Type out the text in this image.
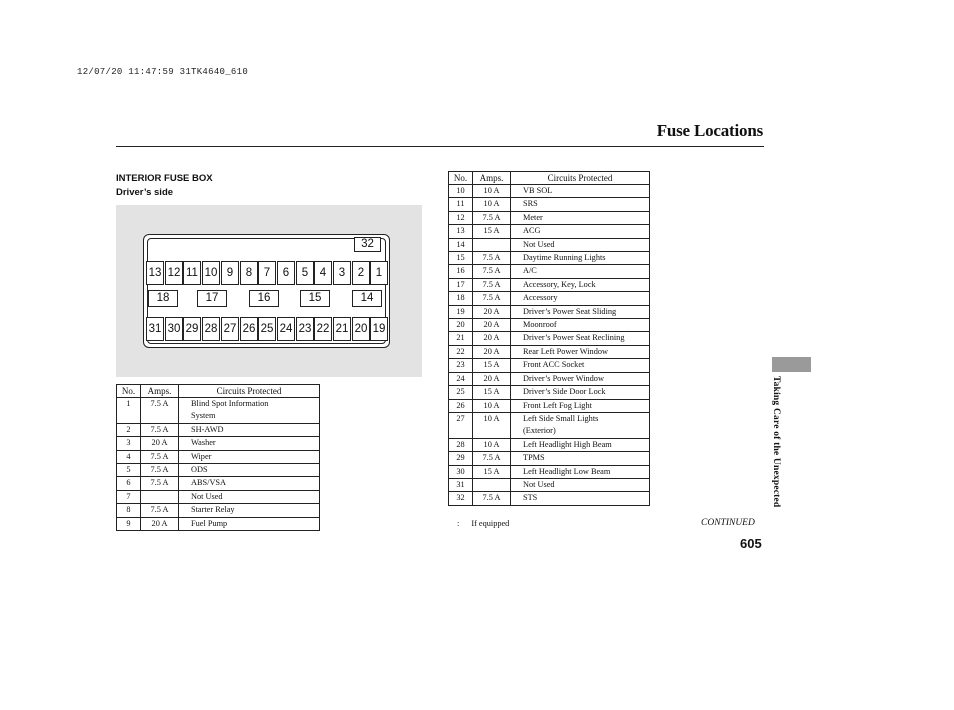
12/07/20 11:47:59 31TK4640_610
Fuse Locations
INTERIOR FUSE BOX
Driver’s side
32
13 12 11 10 9	8	7	6	5	4	3	2	1
31 30 29 28 27 26 25 24 23 22 21 20 19
18	17	16	15	14
No.	Amps.	Circuits Protected
1	7.5 A	Blind Spot Information
System
2	7.5 A	SH-AWD
3	20 A	Washer
4	7.5 A	Wiper
5	7.5 A	ODS
6	7.5 A	ABS/VSA
7		Not Used
8	7.5 A	Starter Relay
9	20 A	Fuel Pump
No.	Amps.	Circuits Protected
10	10 A	VB SOL
11	10 A	SRS
12	7.5 A	Meter
13	15 A	ACG
14		Not Used
15	7.5 A	Daytime Running Lights
16	7.5 A	A/C
17	7.5 A	Accessory, Key, Lock
18	7.5 A	Accessory
19	20 A	Driver’s Power Seat Sliding
20	20 A	Moonroof
21	20 A	Driver’s Power Seat Reclining
22	20 A	Rear Left Power Window
23	15 A	Front ACC Socket
24	20 A	Driver’s Power Window
25	15 A	Driver’s Side Door Lock
26	10 A	Front Left Fog Light
27	10 A	Left Side Small Lights
(Exterior)
28	10 A	Left Headlight High Beam
29	7.5 A	TPMS
30	15 A	Left Headlight Low Beam
31		Not Used
32	7.5 A	STS
: If equipped	CONTINUED
605
Taking Care of the Unexpected
